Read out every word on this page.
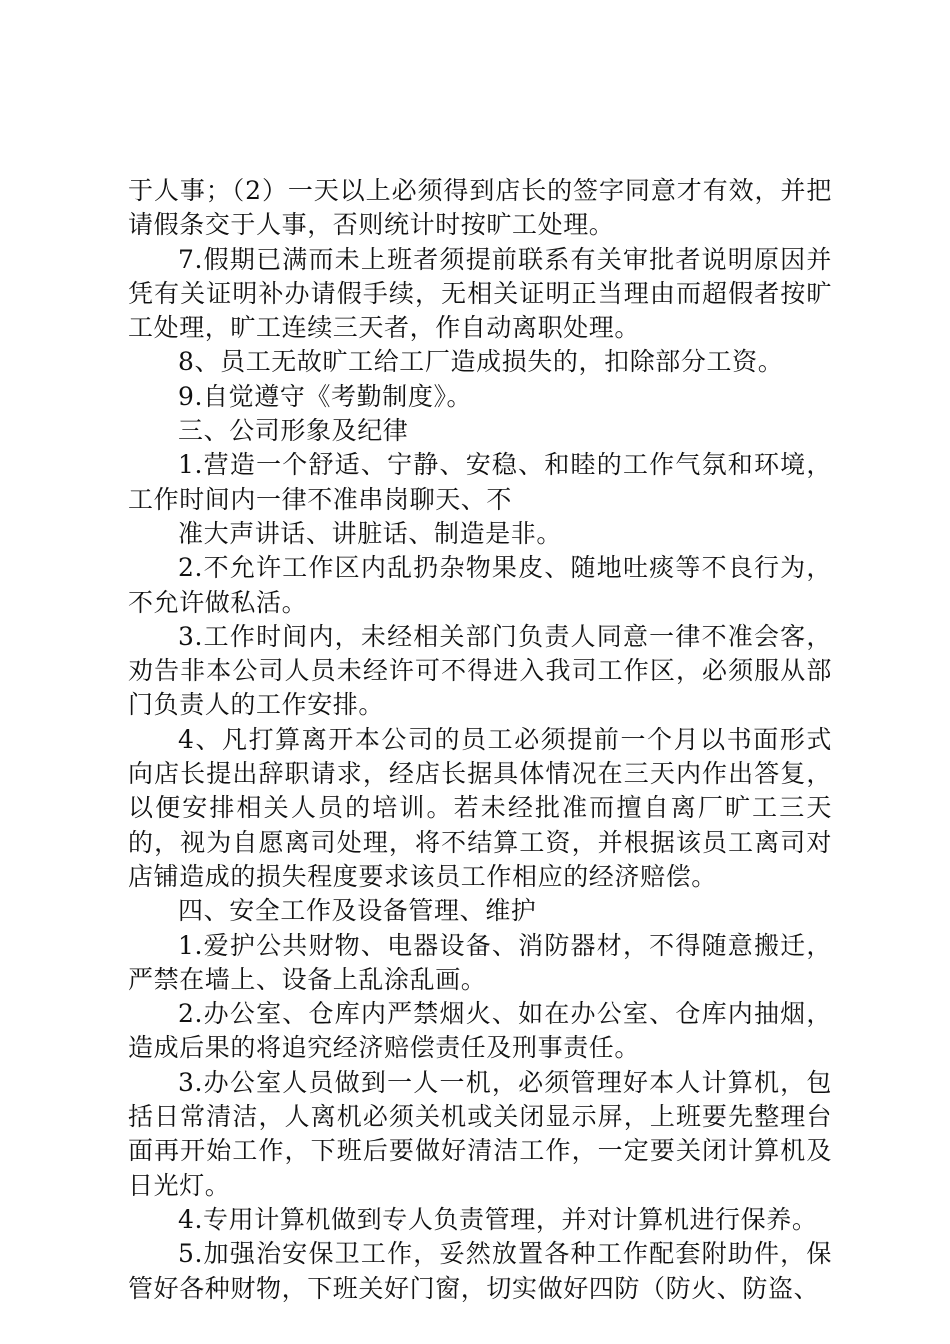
于人事；（2）一天以上必须得到店长的签字同意才有效，并把请假条交于人事，否则统计时按旷工处理。

7.假期已满而未上班者须提前联系有关审批者说明原因并凭有关证明补办请假手续，无相关证明正当理由而超假者按旷工处理，旷工连续三天者，作自动离职处理。

8、员工无故旷工给工厂造成损失的，扣除部分工资。

9.自觉遵守《考勤制度》。

三、公司形象及纪律

1.营造一个舒适、宁静、安稳、和睦的工作气氛和环境，工作时间内一律不准串岗聊天、不

准大声讲话、讲脏话、制造是非。

2.不允许工作区内乱扔杂物果皮、随地吐痰等不良行为，不允许做私活。

3.工作时间内，未经相关部门负责人同意一律不准会客，劝告非本公司人员未经许可不得进入我司工作区，必须服从部门负责人的工作安排。

4、凡打算离开本公司的员工必须提前一个月以书面形式向店长提出辞职请求，经店长据具体情况在三天内作出答复，以便安排相关人员的培训。若未经批准而擅自离厂旷工三天的，视为自愿离司处理，将不结算工资，并根据该员工离司对店铺造成的损失程度要求该员工作相应的经济赔偿。

四、安全工作及设备管理、维护

1.爱护公共财物、电器设备、消防器材，不得随意搬迁，严禁在墙上、设备上乱涂乱画。

2.办公室、仓库内严禁烟火、如在办公室、仓库内抽烟，造成后果的将追究经济赔偿责任及刑事责任。

3.办公室人员做到一人一机，必须管理好本人计算机，包括日常清洁，人离机必须关机或关闭显示屏，上班要先整理台面再开始工作，下班后要做好清洁工作，一定要关闭计算机及日光灯。

4.专用计算机做到专人负责管理，并对计算机进行保养。

5.加强治安保卫工作，妥然放置各种工作配套附助件，保管好各种财物，下班关好门窗，切实做好四防（防火、防盗、
